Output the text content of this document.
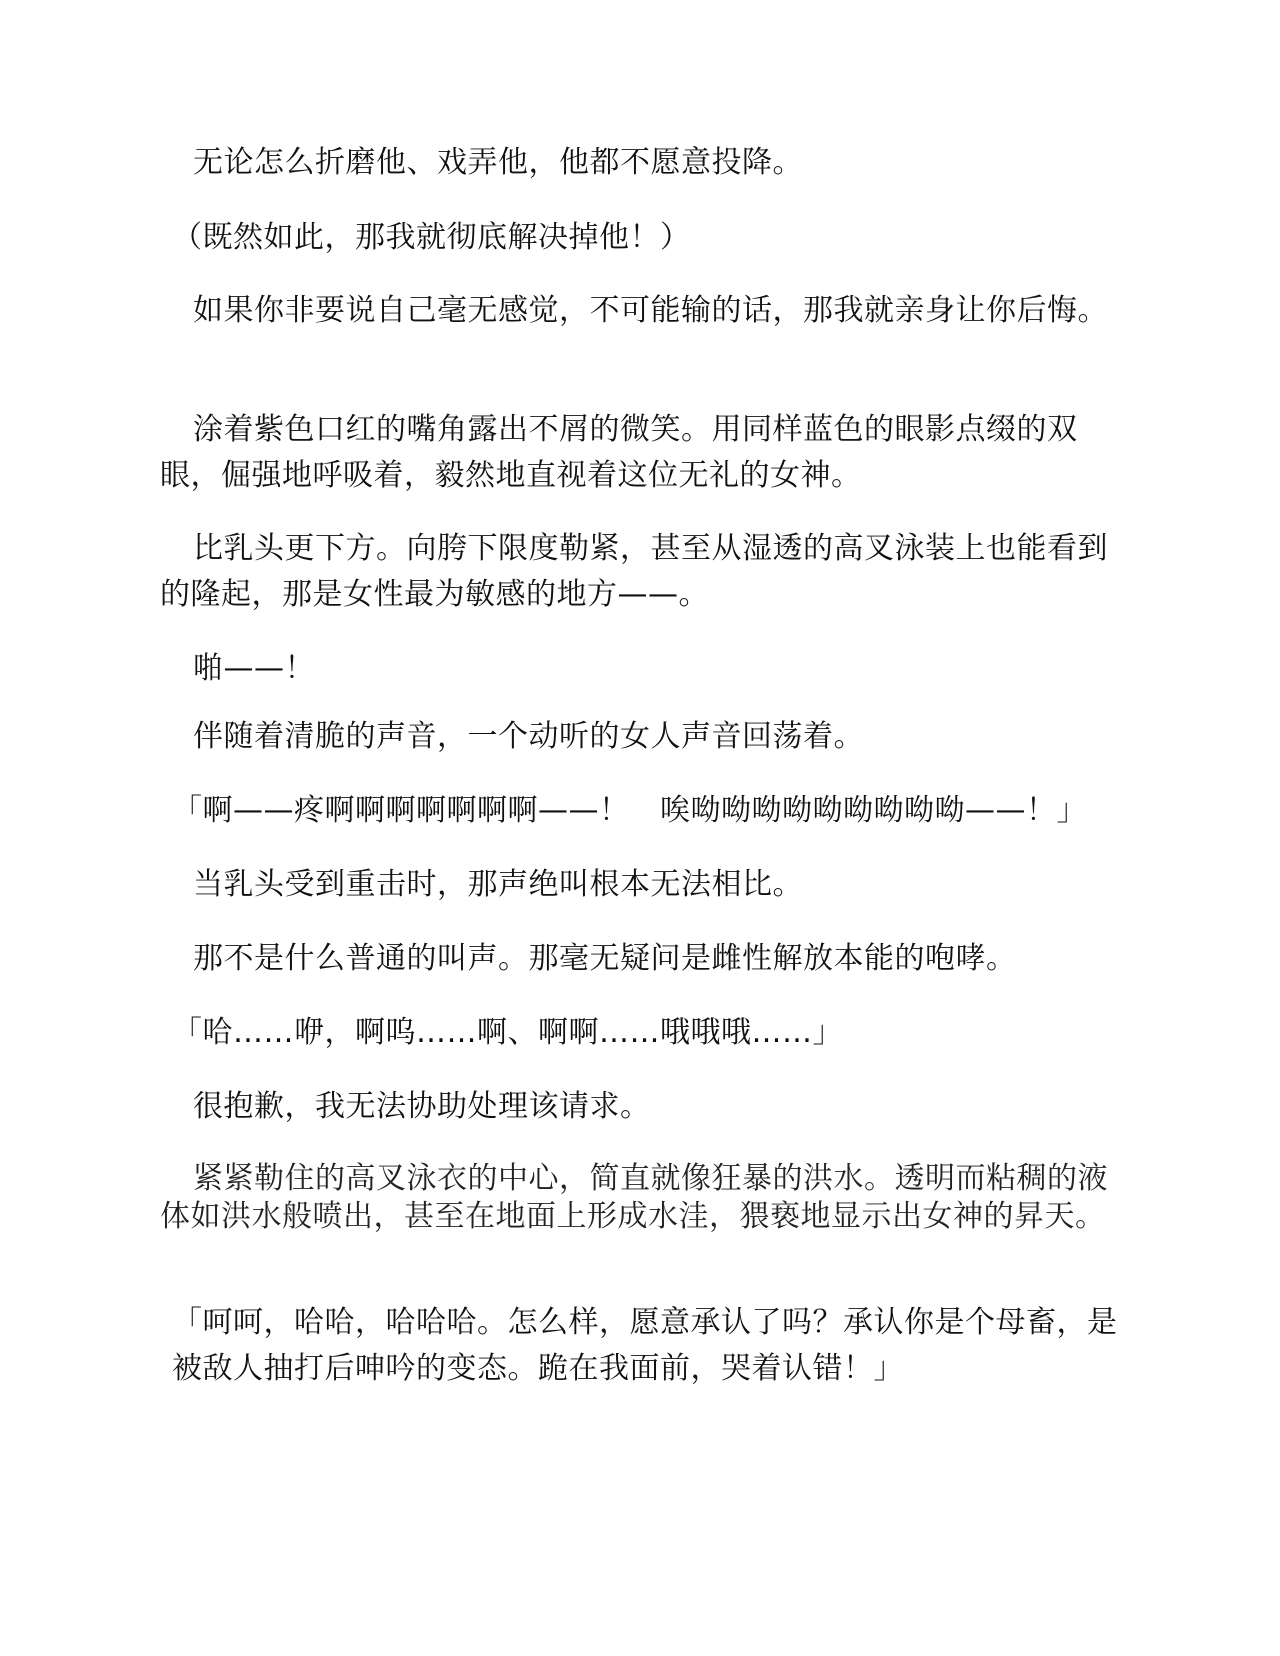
无论怎么折磨他、戏弄他，他都不愿意投降。

（既然如此，那我就彻底解决掉他！）

如果你非要说自己毫无感觉，不可能输的话，那我就亲身让你后悔。

涂着紫色口红的嘴角露出不屑的微笑。用同样蓝色的眼影点缀的双眼，倔强地呼吸着，毅然地直视着这位无礼的女神。

比乳头更下方。向胯下限度勒紧，甚至从湿透的高叉泳装上也能看到的隆起，那是女性最为敏感的地方——。

啪——！

伴随着清脆的声音，一个动听的女人声音回荡着。

「啊——疼啊啊啊啊啊啊啊——！　唉呦呦呦呦呦呦呦呦呦——！」

当乳头受到重击时，那声绝叫根本无法相比。

那不是什么普通的叫声。那毫无疑问是雌性解放本能的咆哮。

「哈……咿，啊呜……啊、啊啊……哦哦哦……」

很抱歉，我无法协助处理该请求。

紧紧勒住的高叉泳衣的中心，简直就像狂暴的洪水。透明而粘稠的液体如洪水般喷出，甚至在地面上形成水洼，猥亵地显示出女神的昇天。

「呵呵，哈哈，哈哈哈。怎么样，愿意承认了吗？承认你是个母畜，是被敌人抽打后呻吟的变态。跪在我面前，哭着认错！」
